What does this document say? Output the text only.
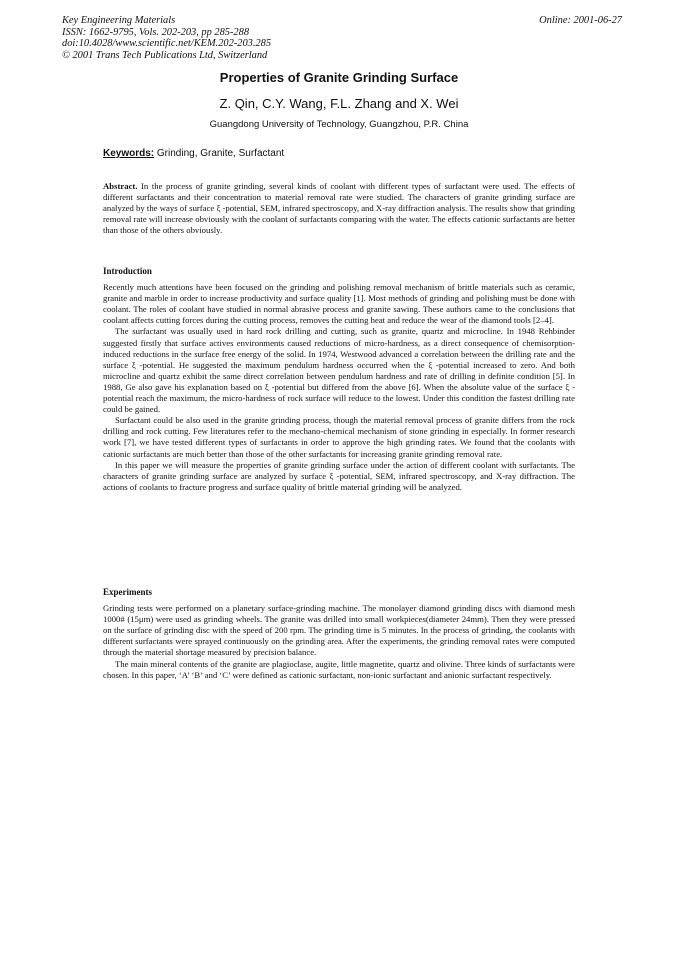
Key Engineering Materials
ISSN: 1662-9795, Vols. 202-203, pp 285-288
doi:10.4028/www.scientific.net/KEM.202-203.285
© 2001 Trans Tech Publications Ltd, Switzerland
Online: 2001-06-27
Properties of Granite Grinding Surface
Z. Qin, C.Y. Wang, F.L. Zhang and X. Wei
Guangdong University of Technology, Guangzhou, P.R. China
Keywords: Grinding, Granite, Surfactant

Abstract. In the process of granite grinding, several kinds of coolant with different types of surfactant were used. The effects of different surfactants and their concentration to material removal rate were studied. The characters of granite grinding surface are analyzed by the ways of surface ξ -potential, SEM, infrared spectroscopy, and X-ray diffraction analysis. The results show that grinding removal rate will increase obviously with the coolant of surfactants comparing with the water. The effects cationic surfactants are better than those of the others obviously.

Introduction

Recently much attentions have been focused on the grinding and polishing removal mechanism of brittle materials such as ceramic, granite and marble in order to increase productivity and surface quality [1]. Most methods of grinding and polishing must be done with coolant. The roles of coolant have studied in normal abrasive process and granite sawing. These authors came to the conclusions that coolant affects cutting forces during the cutting process, removes the cutting heat and reduce the wear of the diamond tools [2–4].

The surfactant was usually used in hard rock drilling and cutting, such as granite, quartz and microcline. In 1948 Rehbinder suggested firstly that surface actives environments caused reductions of micro-hardness, as a direct consequence of chemisorption-induced reductions in the surface free energy of the solid. In 1974, Westwood advanced a correlation between the drilling rate and the surface ξ -potential. He suggested the maximum pendulum hardness occurred when the ξ -potential increased to zero. And both microcline and quartz exhibit the same direct correlation between pendulum hardness and rate of drilling in definite condition [5]. In 1988, Ge also gave his explanation based on ξ -potential but differed from the above [6]. When the absolute value of the surface ξ -potential reach the maximum, the micro-hardness of rock surface will reduce to the lowest. Under this condition the fastest drilling rate could be gained.

Surfactant could be also used in the granite grinding process, though the material removal process of granite differs from the rock drilling and rock cutting. Few literatures refer to the mechano-chemical mechanism of stone grinding in especially. In former research work [7], we have tested different types of surfactants in order to approve the high grinding rates. We found that the coolants with cationic surfactants are much better than those of the other surfactants for increasing granite grinding removal rate.

In this paper we will measure the properties of granite grinding surface under the action of different coolant with surfactants. The characters of granite grinding surface are analyzed by surface ξ -potential, SEM, infrared spectroscopy, and X-ray diffraction. The actions of coolants to fracture progress and surface quality of brittle material grinding will be analyzed.

Experiments

Grinding tests were performed on a planetary surface-grinding machine. The monolayer diamond grinding discs with diamond mesh 1000# (15μm) were used as grinding wheels. The granite was drilled into small workpieces(diameter 24mm). Then they were pressed on the surface of grinding disc with the speed of 200 rpm. The grinding time is 5 minutes. In the process of grinding, the coolants with different surfactants were sprayed continuously on the grinding area. After the experiments, the grinding removal rates were computed through the material shortage measured by precision balance.

The main mineral contents of the granite are plagioclase, augite, little magnetite, quartz and olivine. Three kinds of surfactants were chosen. In this paper, ‘A’ ‘B’ and ‘C’ were defined as cationic surfactant, non-ionic surfactant and anionic surfactant respectively.
